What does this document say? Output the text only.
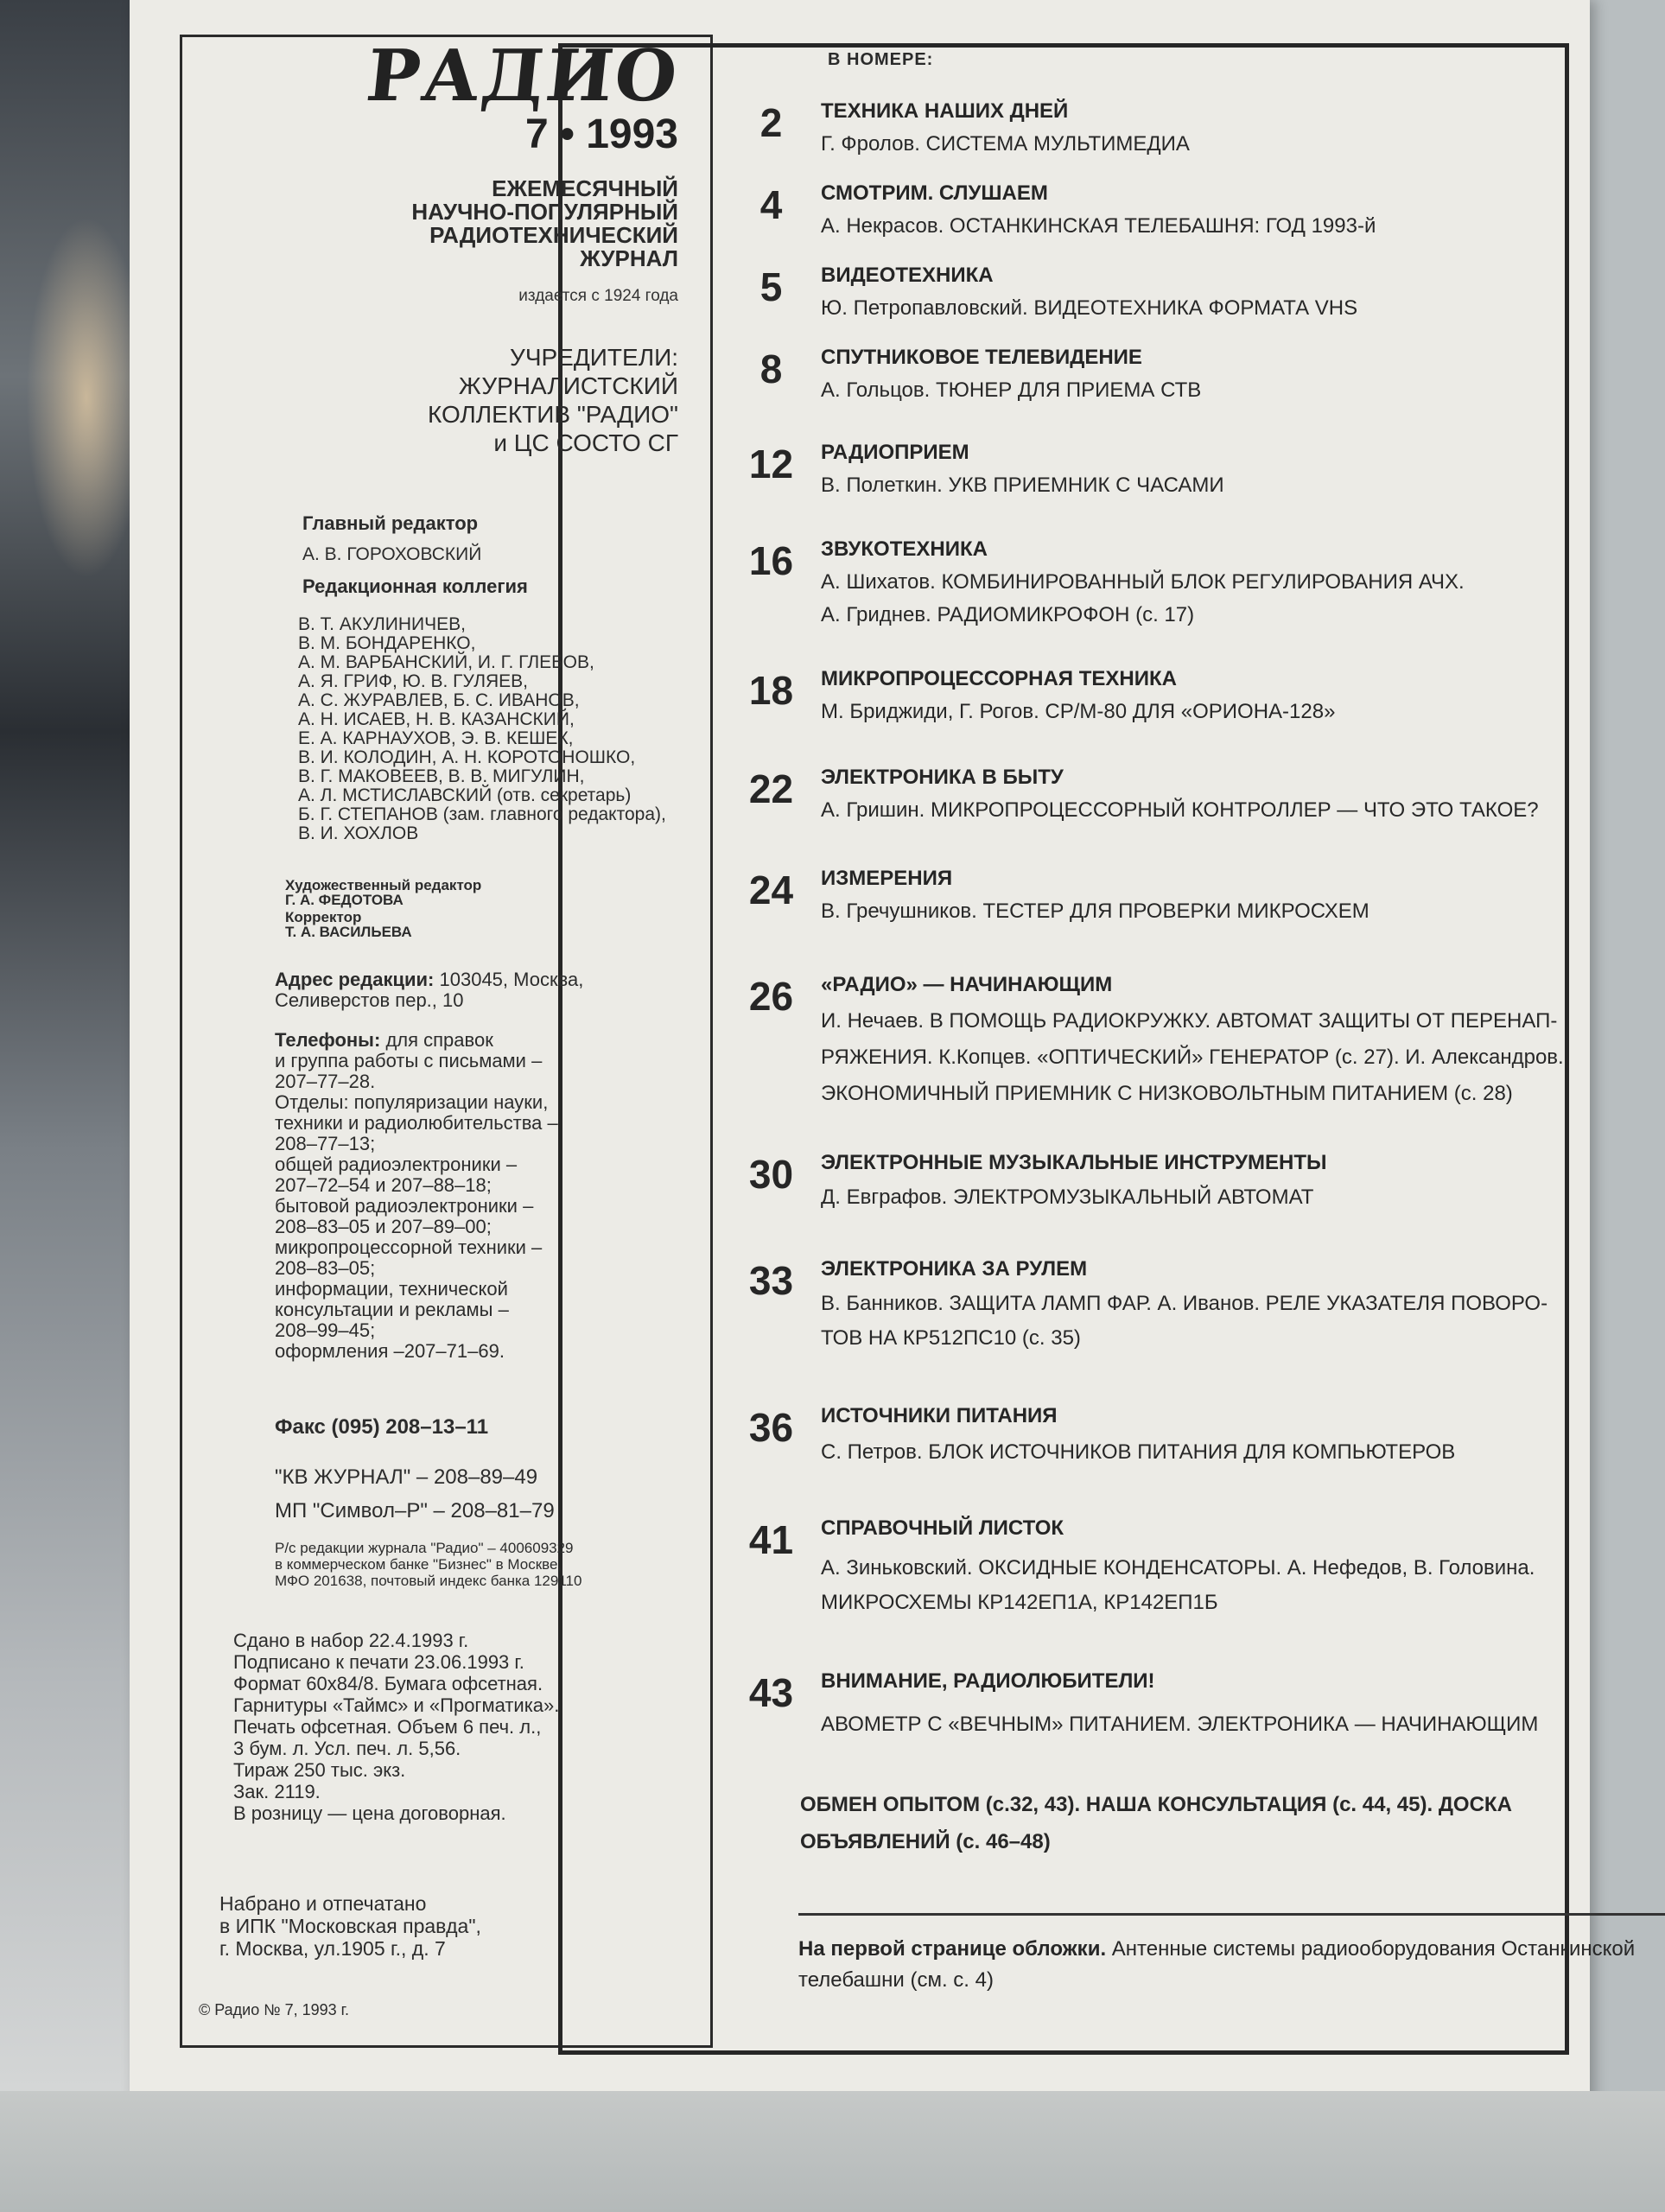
РАДИО
7 • 1993
ЕЖЕМЕСЯЧНЫЙ
НАУЧНО-ПОПУЛЯРНЫЙ
РАДИОТЕХНИЧЕСКИЙ
ЖУРНАЛ
издается с 1924 года
УЧРЕДИТЕЛИ:
ЖУРНАЛИСТСКИЙ
КОЛЛЕКТИВ "РАДИО"
и ЦС СОСТО СГ
Главный редактор
А. В. ГОРОХОВСКИЙ
Редакционная коллегия
В. Т. АКУЛИНИЧЕВ,
В. М. БОНДАРЕНКО,
А. М. ВАРБАНСКИЙ, И. Г. ГЛЕБОВ,
А. Я. ГРИФ, Ю. В. ГУЛЯЕВ,
А. С. ЖУРАВЛЕВ, Б. С. ИВАНОВ,
А. Н. ИСАЕВ, Н. В. КАЗАНСКИЙ,
Е. А. КАРНАУХОВ, Э. В. КЕШЕК,
В. И. КОЛОДИН, А. Н. КОРОТОНОШКО,
В. Г. МАКОВЕЕВ, В. В. МИГУЛИН,
А. Л. МСТИСЛАВСКИЙ (отв. секретарь)
Б. Г. СТЕПАНОВ (зам. главного редактора),
В. И. ХОХЛОВ
Художественный редактор
Г. А. ФЕДОТОВА
Корректор
Т. А. ВАСИЛЬЕВА
Адрес редакции: 103045, Москва,
Селиверстов пер., 10
Телефоны: для справок
и группа работы с письмами –
207–77–28.
Отделы: популяризации науки,
техники и радиолюбительства –
208–77–13;
общей радиоэлектроники –
207–72–54 и 207–88–18;
бытовой радиоэлектроники –
208–83–05 и 207–89–00;
микропроцессорной техники –
208–83–05;
информации, технической
консультации и рекламы –
208–99–45;
оформления –207–71–69.
Факс (095) 208–13–11
"КВ ЖУРНАЛ" – 208–89–49
МП "Символ–Р" – 208–81–79
Р/с редакции журнала "Радио" – 400609329
в коммерческом банке "Бизнес" в Москве,
МФО 201638, почтовый индекс банка 129110
Сдано в набор 22.4.1993 г.
Подписано к печати 23.06.1993 г.
Формат 60х84/8. Бумага офсетная.
Гарнитуры «Таймс» и «Прогматика».
Печать офсетная. Объем 6 печ. л.,
3 бум. л. Усл. печ. л. 5,56.
Тираж 250 тыс. экз.
Зак. 2119.
В розницу — цена договорная.
Набрано и отпечатано
в ИПК "Московская правда",
г. Москва, ул.1905 г., д. 7
© Радио № 7, 1993 г.
В НОМЕРЕ:
2	ТЕХНИКА НАШИХ ДНЕЙ
Г. Фролов. СИСТЕМА МУЛЬТИМЕДИА
4	СМОТРИМ. СЛУШАЕМ
А. Некрасов. ОСТАНКИНСКАЯ ТЕЛЕБАШНЯ: ГОД 1993-й
5	ВИДЕОТЕХНИКА
Ю. Петропавловский. ВИДЕОТЕХНИКА ФОРМАТА VHS
8	СПУТНИКОВОЕ ТЕЛЕВИДЕНИЕ
А. Гольцов. ТЮНЕР ДЛЯ ПРИЕМА СТВ
12	РАДИОПРИЕМ
В. Полеткин. УКВ ПРИЕМНИК С ЧАСАМИ
16	ЗВУКОТЕХНИКА
А. Шихатов. КОМБИНИРОВАННЫЙ БЛОК РЕГУЛИРОВАНИЯ АЧХ.
А. Гриднев. РАДИОМИКРОФОН (с. 17)
18	МИКРОПРОЦЕССОРНАЯ ТЕХНИКА
М. Бриджиди, Г. Рогов. CP/M-80 ДЛЯ «ОРИОНА-128»
22	ЭЛЕКТРОНИКА В БЫТУ
А. Гришин. МИКРОПРОЦЕССОРНЫЙ КОНТРОЛЛЕР — ЧТО ЭТО ТАКОЕ?
24	ИЗМЕРЕНИЯ
В. Гречушников. ТЕСТЕР ДЛЯ ПРОВЕРКИ МИКРОСХЕМ
26	«РАДИО» — НАЧИНАЮЩИМ
И. Нечаев. В ПОМОЩЬ РАДИОКРУЖКУ. АВТОМАТ ЗАЩИТЫ ОТ ПЕРЕНАП-
РЯЖЕНИЯ. К.Копцев. «ОПТИЧЕСКИЙ» ГЕНЕРАТОР (с. 27). И. Александров.
ЭКОНОМИЧНЫЙ ПРИЕМНИК С НИЗКОВОЛЬТНЫМ ПИТАНИЕМ (с. 28)
30	ЭЛЕКТРОННЫЕ МУЗЫКАЛЬНЫЕ ИНСТРУМЕНТЫ
Д. Евграфов. ЭЛЕКТРОМУЗЫКАЛЬНЫЙ АВТОМАТ
33	ЭЛЕКТРОНИКА ЗА РУЛЕМ
В. Банников. ЗАЩИТА ЛАМП ФАР. А. Иванов. РЕЛЕ УКАЗАТЕЛЯ ПОВОРО-
ТОВ НА КР512ПС10 (с. 35)
36	ИСТОЧНИКИ ПИТАНИЯ
С. Петров. БЛОК ИСТОЧНИКОВ ПИТАНИЯ ДЛЯ КОМПЬЮТЕРОВ
41	СПРАВОЧНЫЙ ЛИСТОК
А. Зиньковский. ОКСИДНЫЕ КОНДЕНСАТОРЫ. А. Нефедов, В. Головина.
МИКРОСХЕМЫ КР142ЕП1А, КР142ЕП1Б
43	ВНИМАНИЕ, РАДИОЛЮБИТЕЛИ!
АВОМЕТР С «ВЕЧНЫМ» ПИТАНИЕМ. ЭЛЕКТРОНИКА — НАЧИНАЮЩИМ
ОБМЕН ОПЫТОМ (с.32, 43). НАША КОНСУЛЬТАЦИЯ (с. 44, 45). ДОСКА
ОБЪЯВЛЕНИЙ (с. 46–48)
На первой странице обложки. Антенные системы радиооборудования Останкинской телебашни (см. с. 4)
